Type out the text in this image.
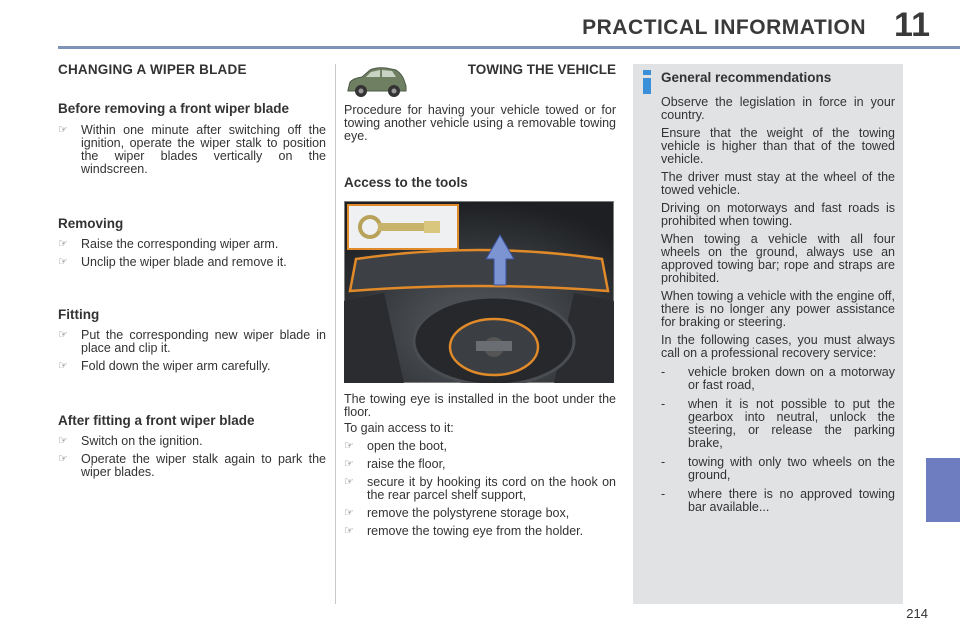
PRACTICAL INFORMATION 11
214
CHANGING A WIPER BLADE
Before removing a front wiper blade
☞ Within one minute after switching off the ignition, operate the wiper stalk to position the wiper blades vertically on the windscreen.
Removing
☞ Raise the corresponding wiper arm.
☞ Unclip the wiper blade and remove it.
Fitting
☞ Put the corresponding new wiper blade in place and clip it.
☞ Fold down the wiper arm carefully.
After fitting a front wiper blade
☞ Switch on the ignition.
☞ Operate the wiper stalk again to park the wiper blades.
TOWING THE VEHICLE
Procedure for having your vehicle towed or for towing another vehicle using a removable towing eye.
Access to the tools
The towing eye is installed in the boot under the floor.
To gain access to it:
☞ open the boot,
☞ raise the floor,
☞ secure it by hooking its cord on the hook on the rear parcel shelf support,
☞ remove the polystyrene storage box,
☞ remove the towing eye from the holder.
General recommendations
Observe the legislation in force in your country.
Ensure that the weight of the towing vehicle is higher than that of the towed vehicle.
The driver must stay at the wheel of the towed vehicle.
Driving on motorways and fast roads is prohibited when towing.
When towing a vehicle with all four wheels on the ground, always use an approved towing bar; rope and straps are prohibited.
When towing a vehicle with the engine off, there is no longer any power assistance for braking or steering.
In the following cases, you must always call on a professional recovery service:
- vehicle broken down on a motorway or fast road,
- when it is not possible to put the gearbox into neutral, unlock the steering, or release the parking brake,
- towing with only two wheels on the ground,
- where there is no approved towing bar available...
